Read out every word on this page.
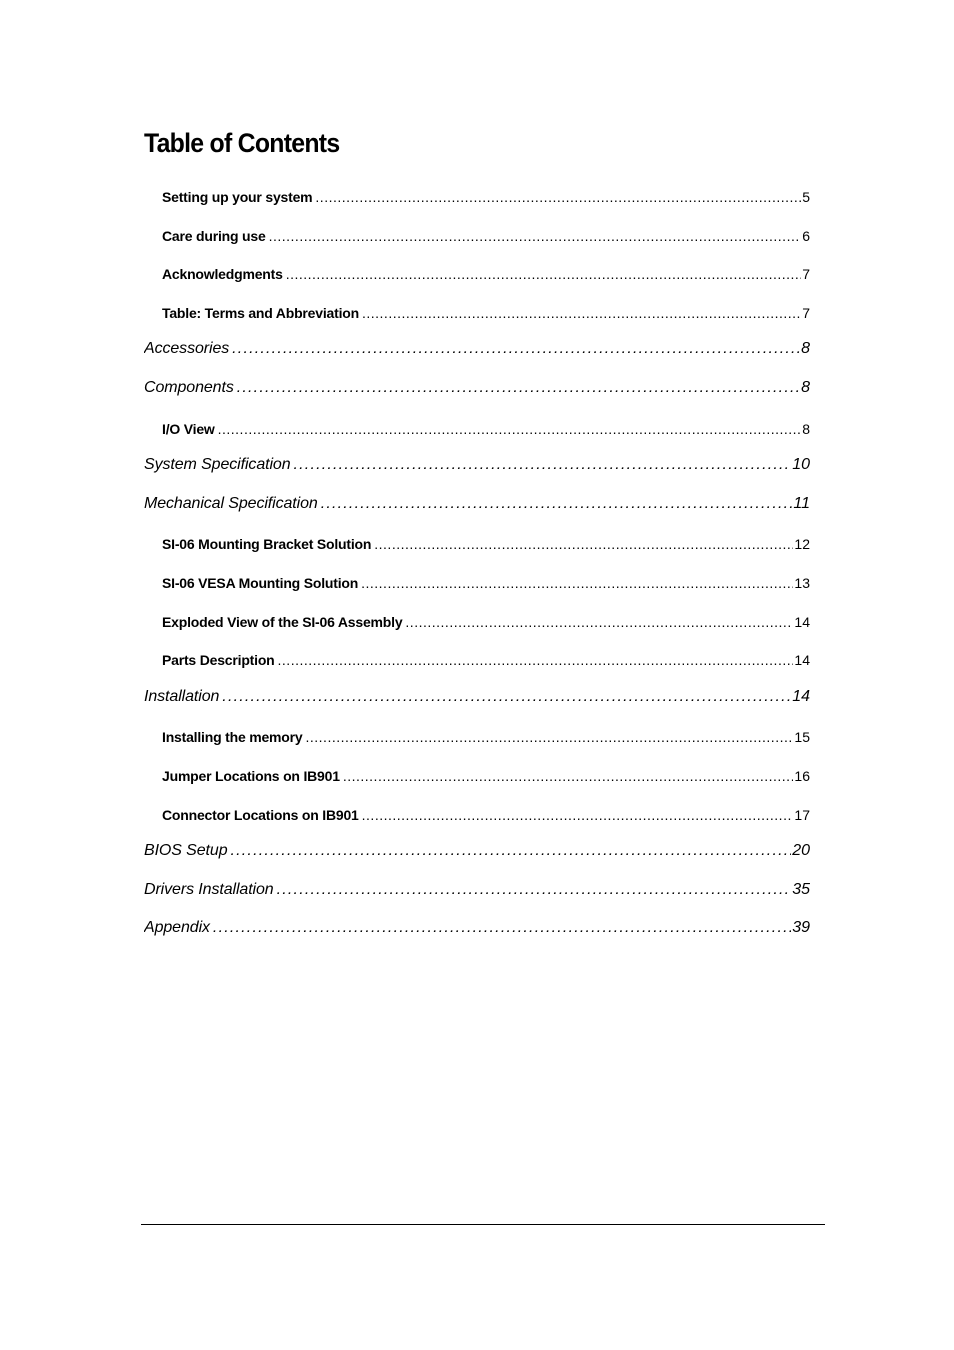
Table of Contents
Setting up your system .....	5
Care during use .....	6
Acknowledgments .....	7
Table: Terms and Abbreviation .....	7
Accessories .....	8
Components .....	8
I/O View .....	8
System Specification .....	10
Mechanical Specification .....	11
SI-06 Mounting Bracket Solution .....	12
SI-06 VESA Mounting Solution .....	13
Exploded View of the SI-06 Assembly .....	14
Parts Description .....	14
Installation .....	14
Installing the memory .....	15
Jumper Locations on IB901 .....	16
Connector Locations on IB901 .....	17
BIOS Setup .....	20
Drivers Installation .....	35
Appendix .....	39
